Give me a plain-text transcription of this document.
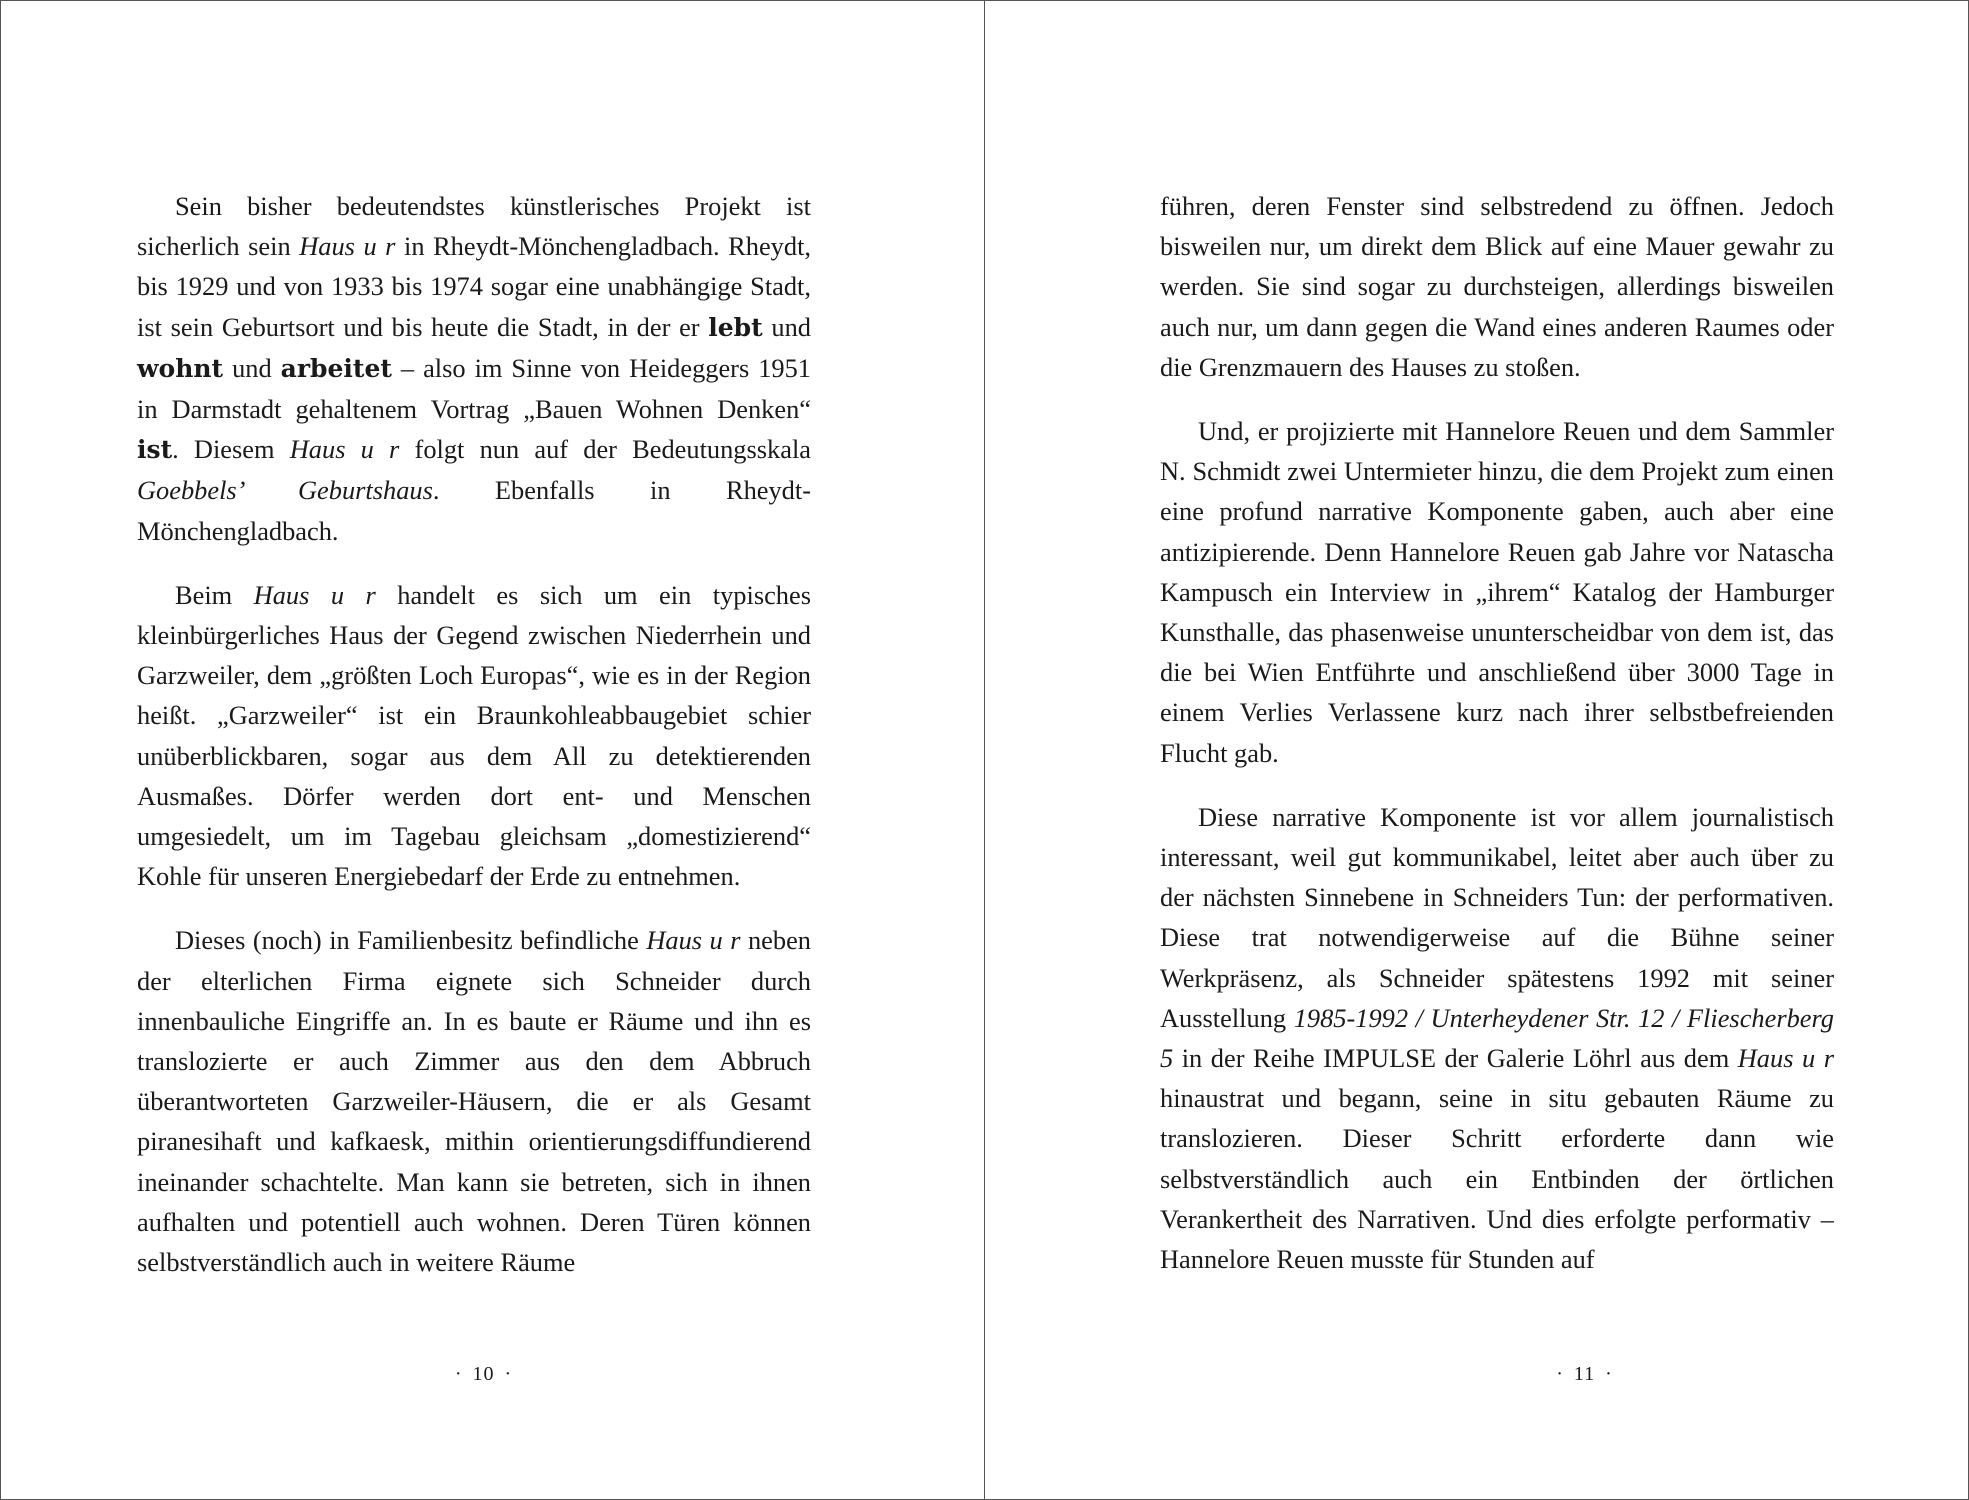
Sein bisher bedeutendstes künstlerisches Projekt ist sicherlich sein Haus u r in Rheydt-Mönchengladbach. Rheydt, bis 1929 und von 1933 bis 1974 sogar eine unabhängige Stadt, ist sein Geburtsort und bis heute die Stadt, in der er lebt und wohnt und arbeitet – also im Sinne von Heideggers 1951 in Darmstadt gehaltenem Vortrag „Bauen Wohnen Denken“ ist. Diesem Haus u r folgt nun auf der Bedeutungsskala Goebbels’ Geburtshaus. Ebenfalls in Rheydt-Mönchengladbach.

Beim Haus u r handelt es sich um ein typisches kleinbürgerliches Haus der Gegend zwischen Niederrhein und Garzweiler, dem „größten Loch Europas“, wie es in der Region heißt. „Garzweiler“ ist ein Braunkohleabbaugebiet schier unüberblickbaren, sogar aus dem All zu detektierenden Ausmaßes. Dörfer werden dort ent- und Menschen umgesiedelt, um im Tagebau gleichsam „domestizierend“ Kohle für unseren Energiebedarf der Erde zu entnehmen.

Dieses (noch) in Familienbesitz befindliche Haus u r neben der elterlichen Firma eignete sich Schneider durch innenbauliche Eingriffe an. In es baute er Räume und ihn es translozierte er auch Zimmer aus den dem Abbruch überantworteten Garzweiler-Häusern, die er als Gesamt piranesihaft und kafkaesk, mithin orientierungsdiffundierend ineinander schachtelte. Man kann sie betreten, sich in ihnen aufhalten und potentiell auch wohnen. Deren Türen können selbstverständlich auch in weitere Räume

· 10 ·

führen, deren Fenster sind selbstredend zu öffnen. Jedoch bisweilen nur, um direkt dem Blick auf eine Mauer gewahr zu werden. Sie sind sogar zu durchsteigen, allerdings bisweilen auch nur, um dann gegen die Wand eines anderen Raumes oder die Grenzmauern des Hauses zu stoßen.

Und, er projizierte mit Hannelore Reuen und dem Sammler N. Schmidt zwei Untermieter hinzu, die dem Projekt zum einen eine profund narrative Komponente gaben, auch aber eine antizipierende. Denn Hannelore Reuen gab Jahre vor Natascha Kampusch ein Interview in „ihrem“ Katalog der Hamburger Kunsthalle, das phasenweise ununterscheidbar von dem ist, das die bei Wien Entführte und anschließend über 3000 Tage in einem Verlies Verlassene kurz nach ihrer selbstbefreienden Flucht gab.

Diese narrative Komponente ist vor allem journalistisch interessant, weil gut kommunikabel, leitet aber auch über zu der nächsten Sinnebene in Schneiders Tun: der performativen. Diese trat notwendigerweise auf die Bühne seiner Werkpräsenz, als Schneider spätestens 1992 mit seiner Ausstellung 1985-1992 / Unterheydener Str. 12 / Fliescherberg 5 in der Reihe IMPULSE der Galerie Löhrl aus dem Haus u r hinaustrat und begann, seine in situ gebauten Räume zu translozieren. Dieser Schritt erforderte dann wie selbstverständlich auch ein Entbinden der örtlichen Verankertheit des Narrativen. Und dies erfolgte performativ – Hannelore Reuen musste für Stunden auf

· 11 ·
